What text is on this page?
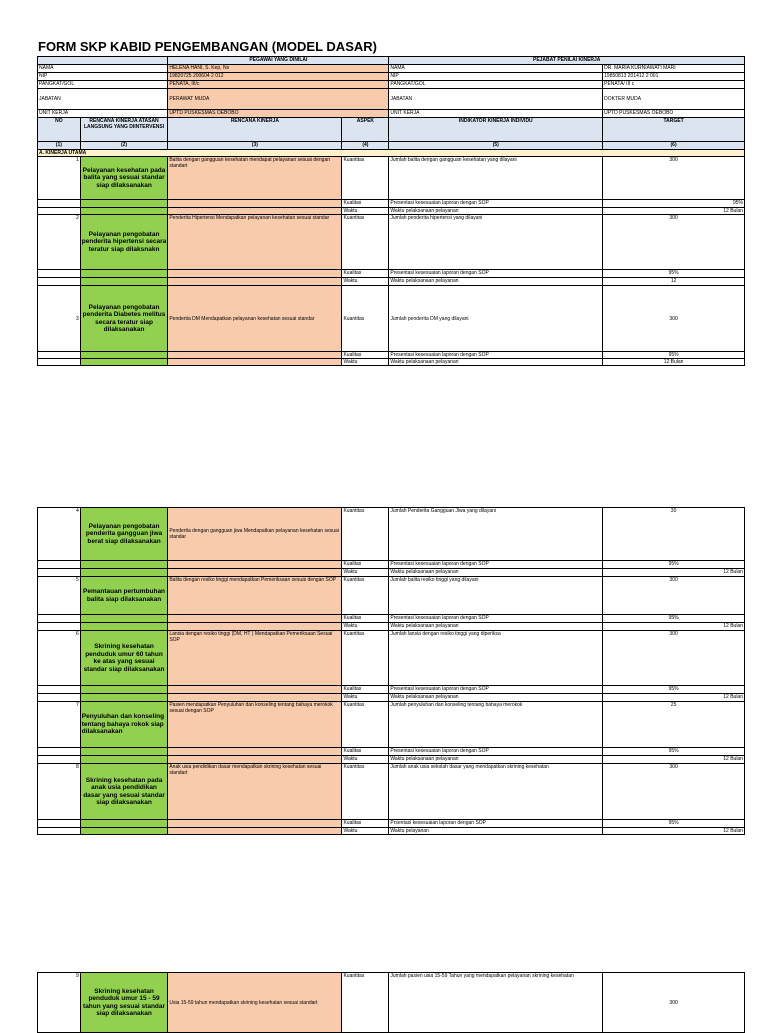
FORM SKP KABID PENGEMBANGAN (MODEL DASAR)
		PEGAWAI YANG DINILAI		PEJABAT PENILAI KINERJA	
NAMA		HELENA HANI, S. Kep, Ns		NAMA	DR. MARIA KURNIAWATI MARI
NIP		19820725 200604 2 012		NIP	19850813 201412 2 001
PANGKAT/GOL		PENATA, III/c		PANGKAT/GOL	PENATA/ III c
JABATAN		PERAWAT MUDA		JABATAN	DOKTER MUDA
UNIT KERJA		UPTD PUSKESMAS OEBOBO		UNIT KERJA	UPTD PUSKESMAS OEBOBO
NO	RENCANA KINERJA ATASAN LANGSUNG YANG DIINTERVENSI	RENCANA KINERJA	ASPEK	INDIKATOR KINERJA INDIVIDU	TARGET
(1)	(2)	(3)	(4)	(5)	(6)
A. KINERJA UTAMA					
1	Pelayanan kesehatan pada balita yang sesuai standar siap dilaksanakan	Balita dengan gangguan kesehatan mendapat pelayanan sesuai dengan standart	Kuantitas	Jumlah balita dengan gangguan kesehatan yang dilayani	300
			Kualitas	Presentasi kesesuaian laporan dengan SOP	95%
			Waktu	Waktu pelaksanaan pelayanan	12 Bulan
2	Pelayanan pengobatan penderita hipertensi secara teratur siap dilaksnakn	Penderita Hipertensi Mendapatkan pelayanan kesehatan sesuai standar	Kuantitas	Jumlah penderita hipertensi yang dilayani	300
			Kualitas	Presentasi kesesuaian laporan dengan SOP	95%
			Waktu	Waktu pelaksanaan pelayanan	12
3	Pelayanan pengobatan penderita Diabetes melitus secara teratur siap dilaksanakan	Penderita DM Mendapatkan pelayanan kesehatan sesuai standar	Kuantitas	Jumlah penderita DM yang dilayani	300
			Kualitas	Presentasi kesesuaian laporan dengan SOP	95%
			Waktu	Waktu pelaksanaan pelayanan	12 Bulan
4	Pelayanan pengobatan penderita gangguan jiwa berat siap dilaksanakan	Penderita dengan gangguan jiwa Mendapatkan pelayanan kesehatan sesuai standar	Kuantitas	Jumlah Penderita Gangguan Jiwa yang dilayani	30
			Kualitas	Presentasi kesesuaian laporan dengan SOP	95%
			Waktu	Waktu pelaksanaan pelayanan	12 Bulan
5	Pemantauan pertumbuhan balita siap dilaksanakan	Balita dengan resiko tinggi mendapatkan Pemeriksaan sesuai dengan SOP	Kuantitas	Jumlah balita resiko tinggi yang dilayani	300
			Kualitas	Presentasi kesesuaian laporan dengan SOP	95%
			Waktu	Waktu pelaksanaan pelayanan	12 Bulan
6	Skrining kesehatan penduduk umur 60 tahun ke atas yang sesuai standar siap dilaksanakan	Lansia dengan resiko tinggi (DM, HT ) Mendapatkan Pemeriksaan Sesuai SOP	Kuantitas	Jumlah lansia dengan resiko tinggi yang diperiksa	300
			Kualitas	Presentasi kesesuaian laporan dengan SOP	95%
			Waktu	Waktu pelaksanaan pelayanan	12 Bulan
7	Penyuluhan dan konseling tentang bahaya rokok siap dilaksanakan	Pasien mendapatkan Penyuluhan dan konseling tentang bahaya merokok sesuai dengan SOP	Kuantitas	Jumlah penyuluhan dan konseling tentang bahaya merokok	25
			Kualitas	Presentasi kesesuaian laporan dengan SOP	95%
			Waktu	Waktu pelaksanaan pelayanan	12 Bulan
8	Skrining kesehatan pada anak usia pendidikan dasar yang sesuai standar siap dilaksanakan	Anak usia pendidikan dasar mendapatkan skrining kesehatan sesuai standart	Kuantitas	Jumlah anak usia sekolah dasar yang mendapatkan skrining kesehatan	300
			Kualitas	Prsentasi kesesuaian laporan dengan SOP	95%
			Waktu	Waktu pelayanan	12 Bulan
9	Skrining kesehatan penduduk umur 15 - 59 tahun yang sesuai standar siap dilaksanakan	Usia 15-59 tahun mendapatkan skrining kesehatan sesuai standart	Kuantitas	Jumlah pasien usia 15-59 Tahun yang mendapatkan pelayanan skrining kesehatan	300
